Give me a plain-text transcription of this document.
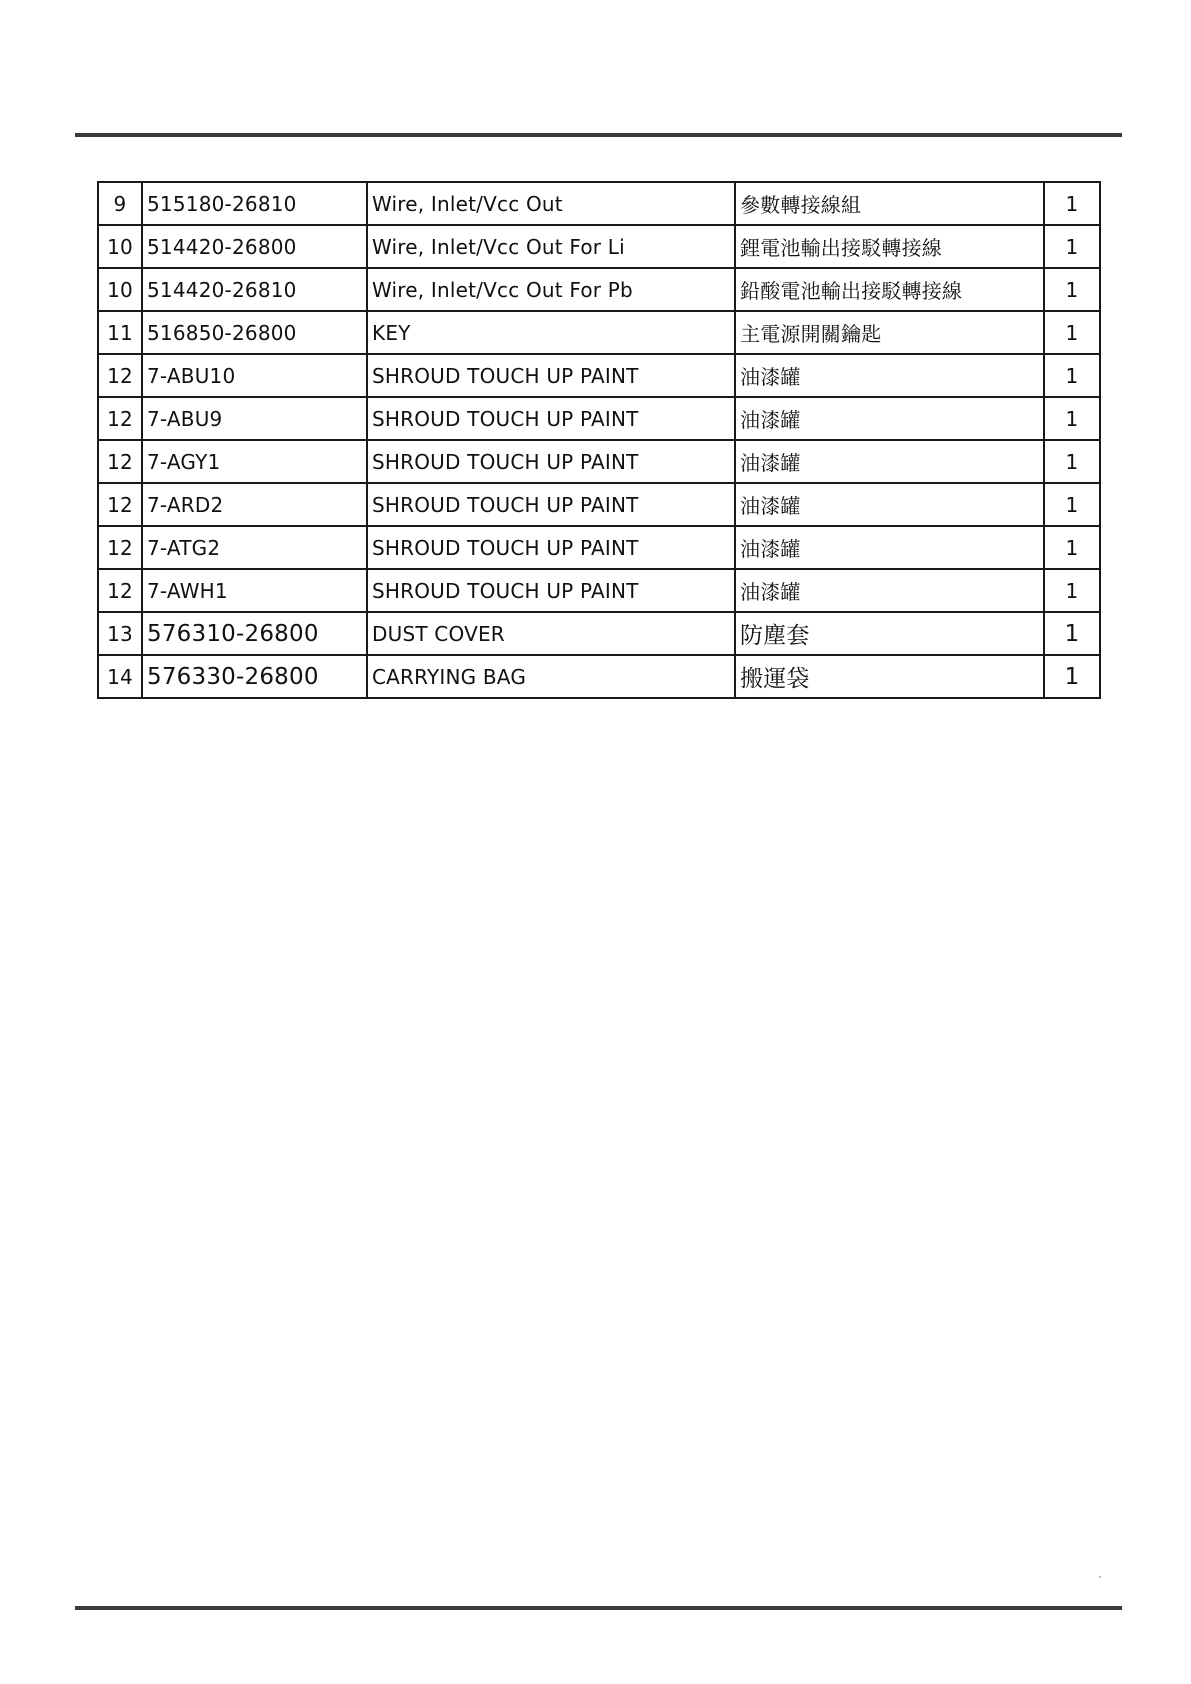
9	515180-26810	Wire, Inlet/Vcc Out	參數轉接線組	1
10	514420-26800	Wire, Inlet/Vcc Out For Li	鋰電池輸出接駁轉接線	1
10	514420-26810	Wire, Inlet/Vcc Out For Pb	鉛酸電池輸出接駁轉接線	1
11	516850-26800	KEY	主電源開關鑰匙	1
12	7-ABU10	SHROUD TOUCH UP PAINT	油漆罐	1
12	7-ABU9	SHROUD TOUCH UP PAINT	油漆罐	1
12	7-AGY1	SHROUD TOUCH UP PAINT	油漆罐	1
12	7-ARD2	SHROUD TOUCH UP PAINT	油漆罐	1
12	7-ATG2	SHROUD TOUCH UP PAINT	油漆罐	1
12	7-AWH1	SHROUD TOUCH UP PAINT	油漆罐	1
13	576310-26800	DUST COVER	防塵套	1
14	576330-26800	CARRYING BAG	搬運袋	1
